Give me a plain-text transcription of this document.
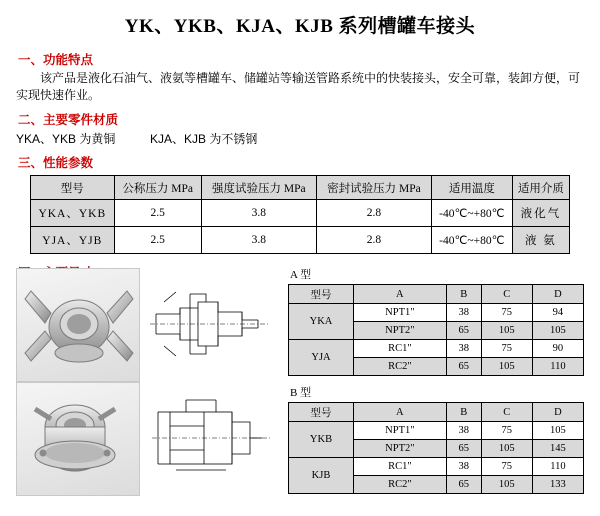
YK、YKB、KJA、KJB 系列槽罐车接头
一、功能特点
该产品是液化石油气、液氨等槽罐车、储罐站等输送管路系统中的快装接头，安全可靠，装卸方便，可实现快速作业。
二、主要零件材质
YKA、YKB 为黄铜	KJA、KJB 为不锈钢
三、性能参数
型号	公称压力 MPa	强度试验压力 MPa	密封试验压力 MPa	适用温度	适用介质
YKA、YKB	2.5	3.8	2.8	-40℃~+80℃	液化气
YJA、YJB	2.5	3.8	2.8	-40℃~+80℃	液 氨
A 型
型号	A	B	C	D
YKA	NPT1"	38	75	94
	NPT2"	65	105	105
YJA	RC1"	38	75	90
	RC2"	65	105	110
B 型
型号	A	B	C	D
YKB	NPT1"	38	75	105
	NPT2"	65	105	145
KJB	RC1"	38	75	110
	RC2"	65	105	133
